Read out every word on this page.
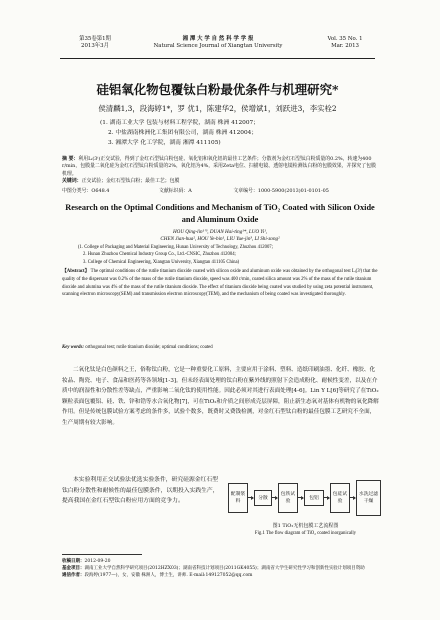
第35卷第1期
2013年3月
湘 潭 大 学 自 然 科 学 学 报
Natural Science Journal of Xiangtan University
Vol. 35 No. 1
Mar. 2013
硅铝氧化物包覆钛白粉最优条件与机理研究*
侯清麟1,3，段海婷1*，罗 优1，陈建华2，侯增斌1，刘跃进3，李实栓2
(1. 湖南工业大学 包装与材料工程学院，湖南 株洲 412007；
2. 中盐湖南株洲化工集团有限公司，湖南 株洲 412004；
3. 湘潭大学 化工学院，湖南 湘潭 411105)
摘 要：利用Lᵢ(3ⁱ)正交试验，得到了金红石型钛白粉包硅、氧化铝和氧化铝的最佳工艺条件；分散剂为金红石型钛白粉质量的0.2%，转速为400 r/min，包膜量二氧化硅为金红石型钛白粉质量的2%，氧化铝为4%，采用Zeta电位、扫描电镜、透射电镜检测钛白粉的包膜效果，并探究了包膜机理。
关键词：正交试验；金红石型钛白粉；最佳工艺；包膜
中图分类号：O648.4	文献标识码：A	文章编号：1000-5900(2013)01-0101-05
Research on the Optimal Conditions and Mechanism of TiO₂ Coated with Silicon Oxide and Aluminum Oxide
HOU Qing-lin¹ʼ³, DUAN Hai-ting¹*, LUO Yi¹,
CHEN Jian-hua², HOU Ye-bin¹, LIU Yue-jin³, LI Shi-zong²
(1. College of Packaging and Material Engineering, Hunan University of Technology, Zhuzhou 412007;
2. Hunan Zhuzhou Chemical Industry Group Co., Ltd.-CNSIC, Zhuzhou 412004;
3. College of Chemical Engineering, Xiangtan University, Xiangtan 411105 China)
【Abstract】 The optimal conditions of the rutile titanium dioxide coated with silicon oxide and aluminum oxide was obtained by the orthogonal test Lᵢ(3ⁱ) that the quality of the dispersant was 0.2% of the mass of the rutile titanium dioxide, speed was 400 r/min, coated silica amount was 2% of the mass of the rutile titanium dioxide and alumina was 4% of the mass of the rutile titanium dioxide. The effect of titanium dioxide being coated was studied by using zeta potential instrument, scanning electron microscopy(SEM) and transmission electron microscopy(TEM), and the mechanism of being coated was investigated thoroughly.
Key words: orthogonal test; rutile titanium dioxide; optimal conditions; coated
二氧化钛是白色颜料之王，俗称钛白粉，它是一种重要化工原料，主要应用于涂料、塑料、造纸印刷油墨、化纤、橡胶、化妆品、陶瓷、电子、食品和医药等各领域[1-3]。但未经表面处理的钛白粉在紫外线的照射下会造成粉化、耐候性变差，以及在介质中的润湿性和分散性差等缺点，严重影响二氧化钛的使用性能。因此必须对其进行表面处理[4-6]。Lin Y L[6]等研究了在TiO₂颗粒表面包覆铝、硅、铁、锌和锆等水合氧化物[7]，可在TiO₂和介质之间形成壳层屏障，阻止新生态氧对基体有机物的氧化降解作用。但是传统包膜试验方案考虑的条件多，试验个数多，既费时又费钱检测，对金红石型钛白粉的最佳包膜工艺研究不全面，生产周期有较大影响。
本实验利用正交试验法优选实验条件，研究硅源金红石型钛白粉分散性和耐候性的最佳包膜条件，以期投入实践生产，提高我国在金红石型钛白粉应用方面的竞争力。
配制浆料
分散
包铁试验
包铝
包硅试验
水洗过滤干燥
图1 TiO₂无机包膜工艺流程图
Fig.1 The flow diagram of TiO₂ coated inorganically
收稿日期：2012-09-20
基金项目：湖南工业大学自然科学研究项目(2012HZX03)；湖南省科技计划项目(2011GK4055)；湖南省大学生研究性学习和创新性实验计划项目资助
通信作者：段海婷(1977—)，女，安徽 株洲人，博士生，讲师. E-mail:149127052@qq.com
